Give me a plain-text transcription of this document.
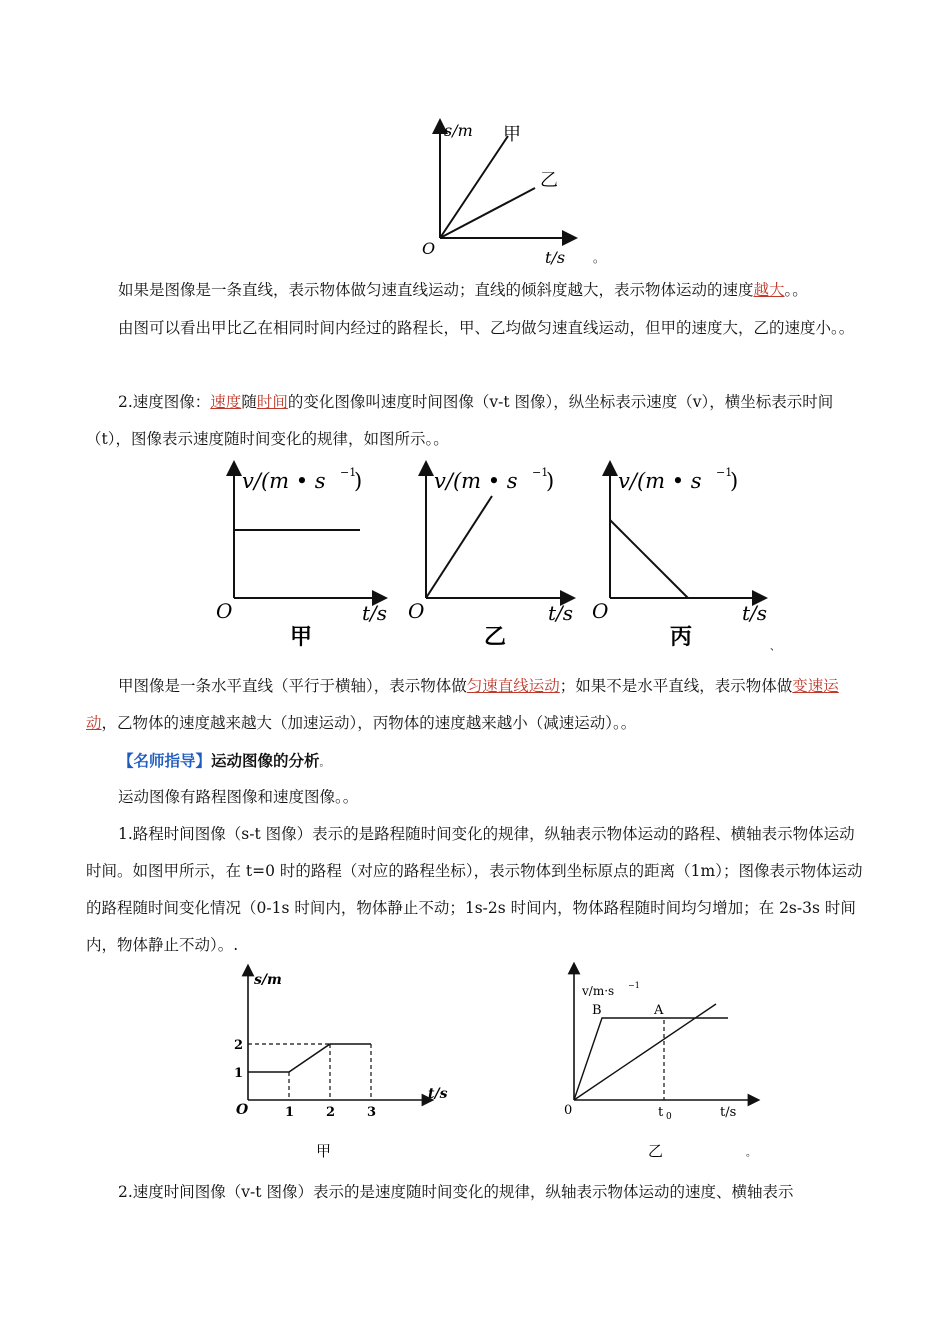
s/m 甲
乙
O	t/s 。
如果是图像是一条直线，表示物体做匀速直线运动；直线的倾斜度越大，表示物体运动的速度越大。。
由图可以看出甲比乙在相同时间内经过的路程长，甲、乙均做匀速直线运动，但甲的速度大，乙的速度小。。
2.速度图像：速度随时间的变化图像叫速度时间图像（v-t 图像），纵坐标表示速度（v），横坐标表示时间（t），图像表示速度随时间变化的规律，如图所示。。
v/(m • s −1
)
O	t/s
甲
v/(m • s −1
)
O	t/s
乙
v/(m • s −1
)
O	t/s
丙	、
甲图像是一条水平直线（平行于横轴），表示物体做匀速直线运动；如果不是水平直线，表示物体做变速运动，乙物体的速度越来越大（加速运动），丙物体的速度越来越小（减速运动）。。
【名师指导】运动图像的分析。
运动图像有路程图像和速度图像。。
1.路程时间图像（s-t 图像）表示的是路程随时间变化的规律，纵轴表示物体运动的路程、横轴表示物体运动时间。如图甲所示，在 t=0 时的路程（对应的路程坐标），表示物体到坐标原点的距离（1m）；图像表示物体运动的路程随时间变化情况（0-1s 时间内，物体静止不动；1s-2s 时间内，物体路程随时间均匀增加；在 2s-3s 时间内，物体静止不动）。.
1 2 3
1
2
s/m
t/s
O
甲
v/m·s −1
B	A
0	t 0	t/s
乙	。
2.速度时间图像（v-t 图像）表示的是速度随时间变化的规律，纵轴表示物体运动的速度、横轴表示
